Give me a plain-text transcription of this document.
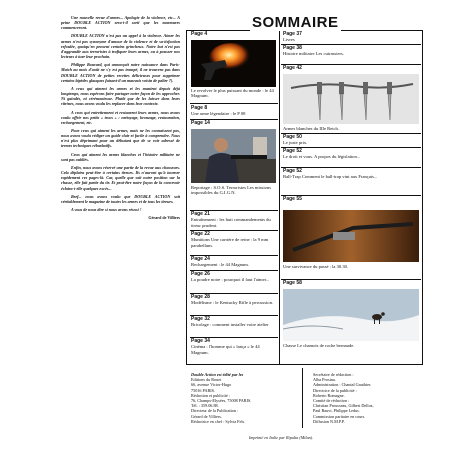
Une nouvelle revue d'armes... Apologie de la violence, etc... A peine DOUBLE ACTION sera-t-il sorti que les murmures commenceront.

DOUBLE ACTION n'est pas un appel à la violence. Aimer les armes n'est pas synonyme d'amour de la violence et de sa-tisfaction refoulée, quoiqu'en pensent certains grincheux. Notre but n'est pas d'aggrandir aux terroristes à trafiquer leurs armes, ou à pousser nos lecteurs à tuer leur prochain.

Philippe Bouvard, qui annonçait notre naissance dans Paris-Match au mois d'août ne s'y est pas trompé, il ne trouvera pas dans DOUBLE ACTION de petites recettes délicieuses pour supprimer certains bipèdes glauques faisant-il un mauvais voisin de palier ?).

A ceux qui aiment les armes et les manient depuis déjà longtemps, nous espérons faire partager notre façon de les approcher. Ni gaindés, ni cérémonieuse. Plutôt que de les laisser dans leurs vitrines, nous avons voulu les replacer dans leur contexte.

A ceux qui entretiennent et restaurent leurs armes, nous avons voulu offrir nos petits « trucs » : nettoyage, bronzage, restauration, rechargement, etc.

Pour ceux qui aiment les armes, mais ne les connaissent pas, nous avons voulu rédiger un guide clair et facile à comprendre. Nous n'est plus déprimant pour un débutant que de se voir adressé de termes techniques rébarbatifs.

Ceux qui aiment les armes blanches et l'histoire militaire ne sont pas oubliés.

Enfin, nous avons réservé une partie de la revue aux chasseurs. Cela déplaira peut-être à certains tireurs. Ils n'auront qu'à tourner rapidement ces pages-là. Car, quelle que soit notre position sur la chasse, elle fait partie du tir. Et peut-être notre façon de la concevoir éclaira-t-elle quelques excès...

Bref... nous avons voulu que DOUBLE ACTION soit véritablement le magazine de toutes les armes et de tous les tireurs.

A vous de nous dire si nous avons réussi !

Gérard de Villiers

SOMMAIRE
Page 4
Le revolver le plus puissant du monde : le 44 Magnum.
Page 8
Une arme légendaire : le P 08
Page 14
Reportage : S.O.S. Terroristes Les missions impossibles du G.I.G.N.
Page 21
Entraînement : les huit commandements du tireur prudent.
Page 22
Munitions Une carrière de reine : la 9 mm parabellum.
Page 24
Rechargement : le 44 Magnum.
Page 26
La poudre noire : pourquoi il faut l'aimer...
Page 28
Modélisme : le Kentucky Rifle à percussion.
Page 32
Bricolage : comment installer votre atelier
Page 34
Cinéma : l'homme qui « lança » le 44 Magnum.
Page 37
Livres
Page 38
Histoire militaire Les cuirassiers.
Page 42
Armes blanches du IIIe Reich.
Page 50
Le juste prix.
Page 52
Le droit et vous. A propos du législation...
Page 52
Ball-Trap Comment le ball-trap vint aux Français...
Page 55
Une survivance du passé : la 30.30.
Page 58
Chasse Le chamois de roche bernaude.
Double Action est édité par les
Editions du Rouet
66, avenue Victor-Hugo
75016 PARIS.
Rédaction et publicité :
76, Champs-Elysées, 75008 PARIS.
Tél. : 359.06.88.
Directeur de la Publication :
Gérard de Villiers.
Rédactrice en chef : Sylvia Fels.
Secrétaire de rédaction :
Alba Prosina.
Administration : Chantal Gauthier.
Directrice de la publicité :
Roberto Romagne.
Comité de rédaction :
Christian Prousseau, Gilbert Delloz,
Paul Bauvi, Philippe Leduc.
Commission paritaire en cours.
Diffusion N.M.P.P.
Imprimé en Italie par Ripalta (Milan).
